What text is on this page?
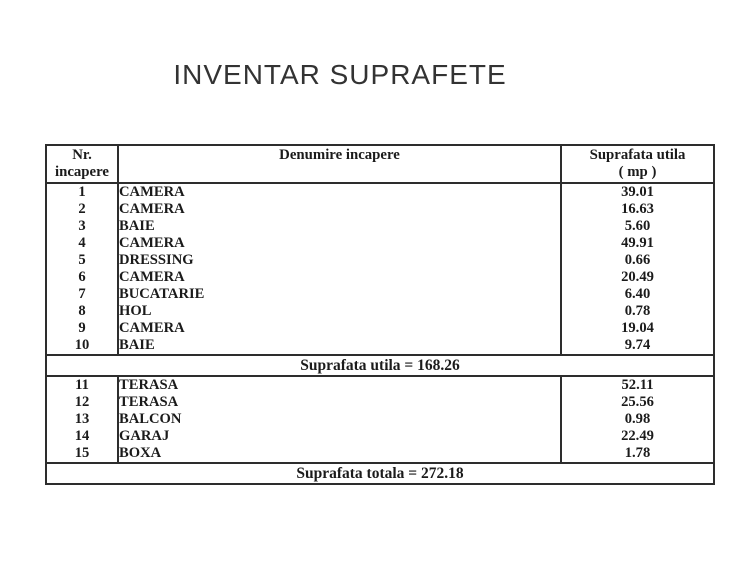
INVENTAR SUPRAFETE
Nr.
incapere	Denumire incapere	Suprafata utila
( mp )

1	CAMERA	39.01
2	CAMERA	16.63
3	BAIE	5.60
4	CAMERA	49.91
5	DRESSING	0.66
6	CAMERA	20.49
7	BUCATARIE	6.40
8	HOL	0.78
9	CAMERA	19.04
10	BAIE	9.74
Suprafata utila = 168.26		
11	TERASA	52.11
12	TERASA	25.56
13	BALCON	0.98
14	GARAJ	22.49
15	BOXA	1.78
Suprafata totala = 272.18		
